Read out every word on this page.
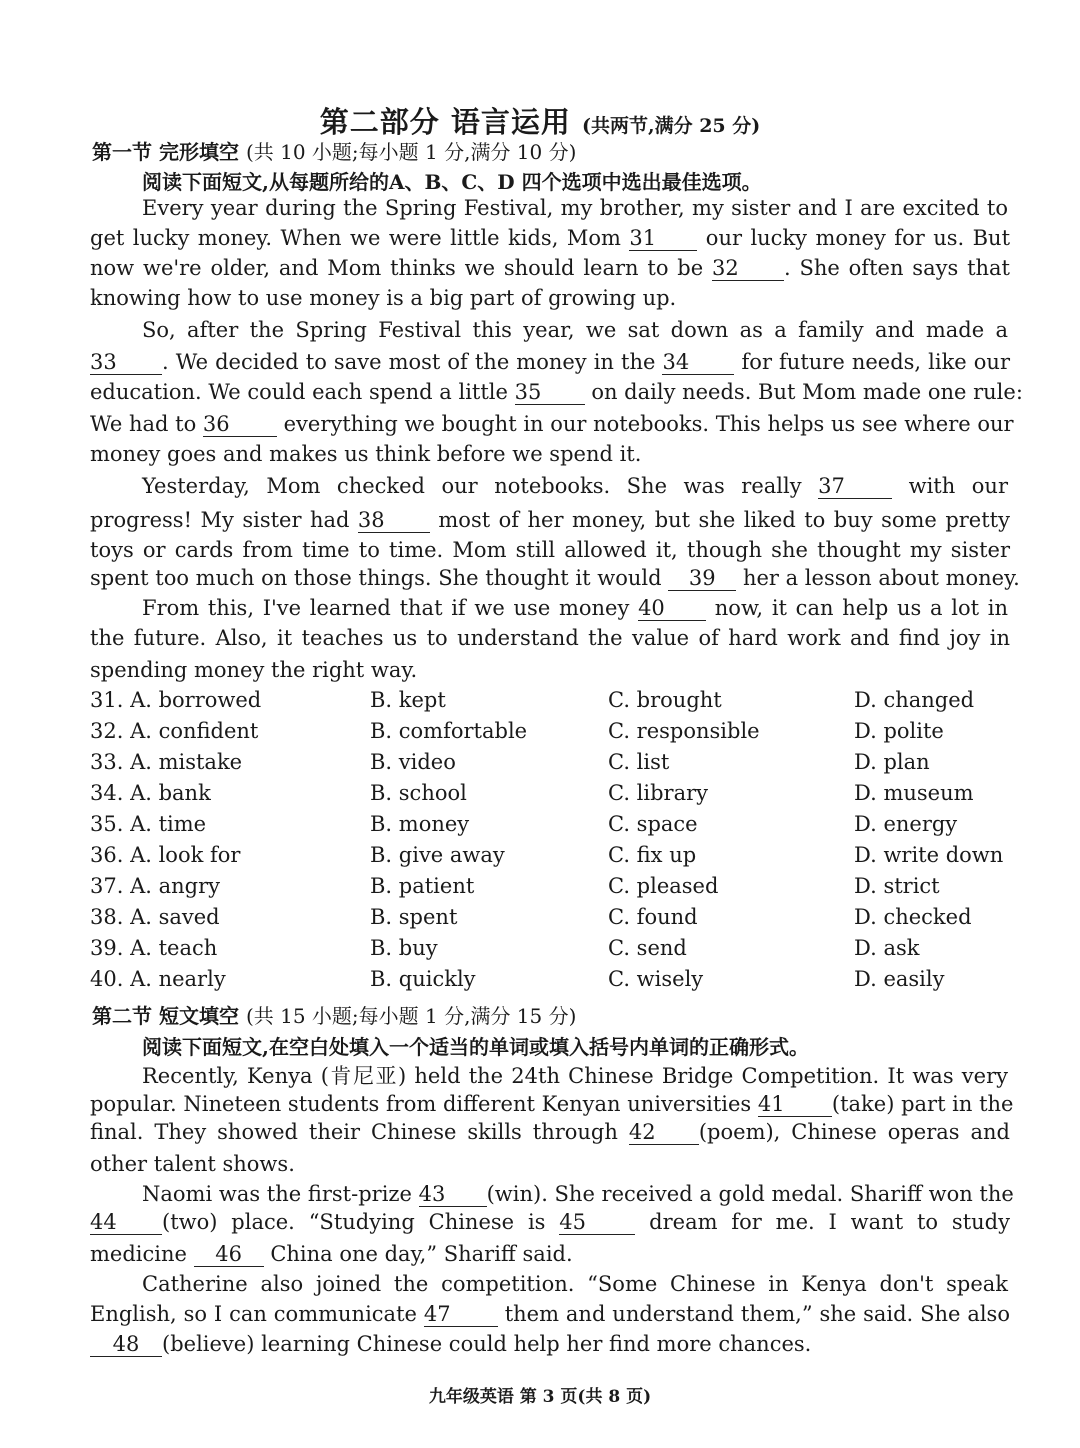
第二部分 语言运用 (共两节,满分 25 分)
第一节 完形填空 (共 10 小题;每小题 1 分,满分 10 分)
阅读下面短文,从每题所给的A、B、C、D 四个选项中选出最佳选项。
Every year during the Spring Festival, my brother, my sister and I are excited to
get lucky money. When we were little kids, Mom 31 our lucky money for us. But
now we're older, and Mom thinks we should learn to be 32 . She often says that
knowing how to use money is a big part of growing up.
So, after the Spring Festival this year, we sat down as a family and made a
33 . We decided to save most of the money in the 34 for future needs, like our
education. We could each spend a little 35 on daily needs. But Mom made one rule:
We had to 36	everything we bought in our notebooks. This helps us see where our
money goes and makes us think before we spend it.
Yesterday, Mom checked our notebooks. She was really 37	with our
progress! My sister had 38	most of her money, but she liked to buy some pretty
toys or cards from time to time. Mom still allowed it, though she thought my sister
spent too much on those things. She thought it would 39 her a lesson about money.
From this, I've learned that if we use money 40 now, it can help us a lot in
the future. Also, it teaches us to understand the value of hard work and find joy in
spending money the right way.
31. A. borrowed	B. kept	C. brought	D. changed
32. A. confident	B. comfortable	C. responsible	D. polite
33. A. mistake	B. video	C. list	D. plan
34. A. bank	B. school	C. library	D. museum
35. A. time	B. money	C. space	D. energy
36. A. look for	B. give away	C. fix up	D. write down
37. A. angry	B. patient	C. pleased	D. strict
38. A. saved	B. spent	C. found	D. checked
39. A. teach	B. buy	C. send	D. ask
40. A. nearly	B. quickly	C. wisely	D. easily
第二节 短文填空 (共 15 小题;每小题 1 分,满分 15 分)
阅读下面短文,在空白处填入一个适当的单词或填入括号内单词的正确形式。
Recently, Kenya (肯尼亚) held the 24th Chinese Bridge Competition. It was very
popular. Nineteen students from different Kenyan universities 41 (take) part in the
final. They showed their Chinese skills through 42 (poem), Chinese operas and
other talent shows.
Naomi was the first-prize 43 (win). She received a gold medal. Shariff won the
44 (two) place. “Studying Chinese is 45	dream for me. I want to study
medicine 46 China one day,” Shariff said.
Catherine also joined the competition. “Some Chinese in Kenya don't speak
English, so I can communicate 47	them and understand them,” she said. She also
48 (believe) learning Chinese could help her find more chances.
九年级英语 第 3 页(共 8 页)
